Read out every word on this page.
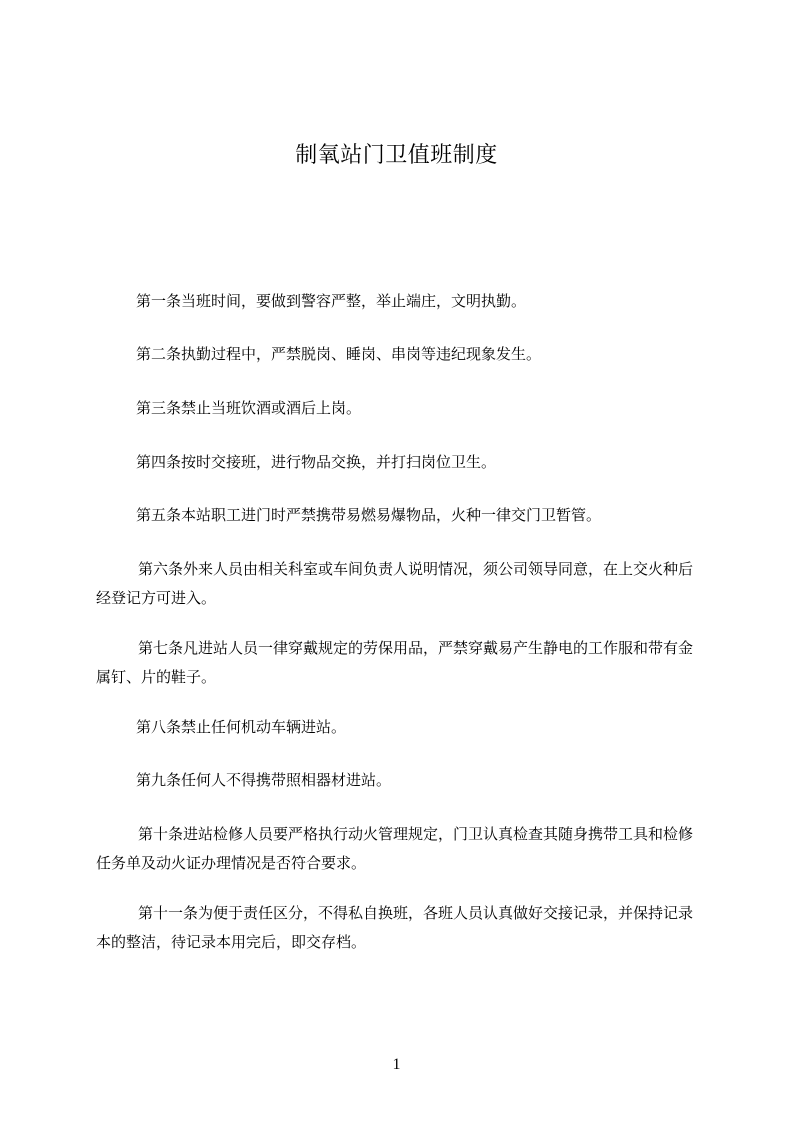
制氧站门卫值班制度

第一条当班时间，要做到警容严整，举止端庄，文明执勤。

第二条执勤过程中，严禁脱岗、睡岗、串岗等违纪现象发生。

第三条禁止当班饮酒或酒后上岗。

第四条按时交接班，进行物品交换，并打扫岗位卫生。

第五条本站职工进门时严禁携带易燃易爆物品，火种一律交门卫暂管。

第六条外来人员由相关科室或车间负责人说明情况，须公司领导同意，在上交火种后经登记方可进入。

第七条凡进站人员一律穿戴规定的劳保用品，严禁穿戴易产生静电的工作服和带有金属钉、片的鞋子。

第八条禁止任何机动车辆进站。

第九条任何人不得携带照相器材进站。

第十条进站检修人员要严格执行动火管理规定，门卫认真检查其随身携带工具和检修任务单及动火证办理情况是否符合要求。

第十一条为便于责任区分，不得私自换班，各班人员认真做好交接记录，并保持记录本的整洁，待记录本用完后，即交存档。

1
